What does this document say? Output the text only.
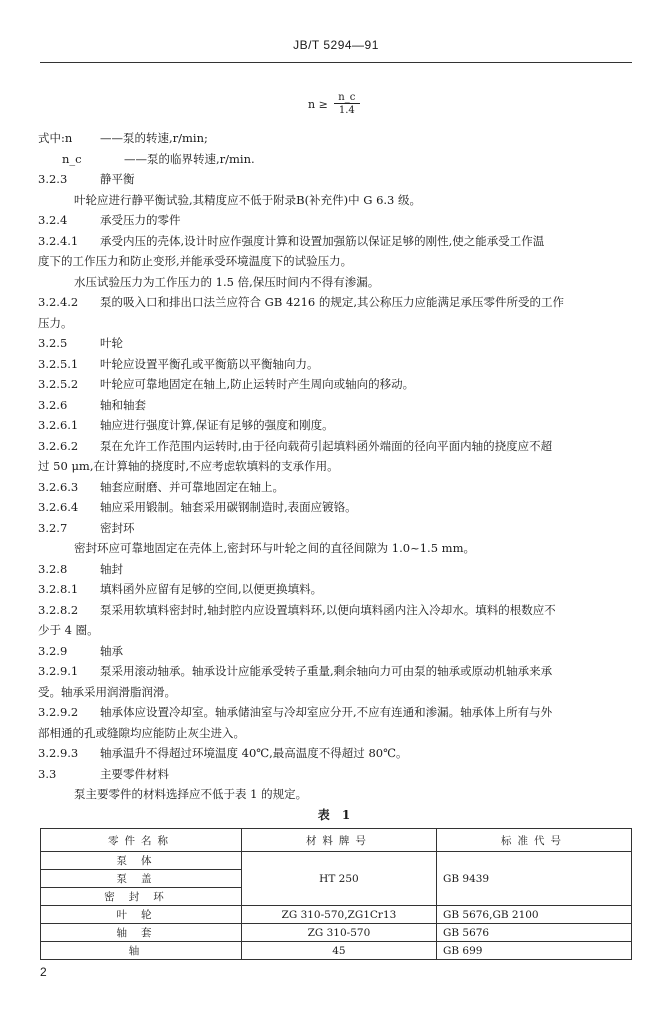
JB/T 5294—91
$n \ge \frac{n\_c}{1.4}$
式中:n ——泵的转速,r/min;
n_c	——泵的临界转速,r/min.
3.2.3	静平衡
叶轮应进行静平衡试验,其精度应不低于附录B(补充件)中 G 6.3 级。
3.2.4	承受压力的零件
3.2.4.1 承受内压的壳体,设计时应作强度计算和设置加强筋以保证足够的刚性,使之能承受工作温
度下的工作压力和防止变形,并能承受环境温度下的试验压力。
水压试验压力为工作压力的 1.5 倍,保压时间内不得有渗漏。
3.2.4.2 泵的吸入口和排出口法兰应符合 GB 4216 的规定,其公称压力应能满足承压零件所受的工作
压力。
3.2.5	叶轮
3.2.5.1 叶轮应设置平衡孔或平衡筋以平衡轴向力。
3.2.5.2 叶轮应可靠地固定在轴上,防止运转时产生周向或轴向的移动。
3.2.6	轴和轴套
3.2.6.1 轴应进行强度计算,保证有足够的强度和刚度。
3.2.6.2 泵在允许工作范围内运转时,由于径向载荷引起填料函外端面的径向平面内轴的挠度应不超
过 50 μm,在计算轴的挠度时,不应考虑软填料的支承作用。
3.2.6.3 轴套应耐磨、并可靠地固定在轴上。
3.2.6.4 轴应采用锻制。轴套采用碳钢制造时,表面应镀铬。
3.2.7	密封环
密封环应可靠地固定在壳体上,密封环与叶轮之间的直径间隙为 1.0~1.5 mm。
3.2.8	轴封
3.2.8.1 填料函外应留有足够的空间,以便更换填料。
3.2.8.2 泵采用软填料密封时,轴封腔内应设置填料环,以便向填料函内注入冷却水。填料的根数应不
少于 4 圈。
3.2.9	轴承
3.2.9.1 泵采用滚动轴承。轴承设计应能承受转子重量,剩余轴向力可由泵的轴承或原动机轴承来承
受。轴承采用润滑脂润滑。
3.2.9.2 轴承体应设置冷却室。轴承储油室与冷却室应分开,不应有连通和渗漏。轴承体上所有与外
部相通的孔或缝隙均应能防止灰尘进入。
3.2.9.3 轴承温升不得超过环境温度 40℃,最高温度不得超过 80℃。
3.3	主要零件材料
泵主要零件的材料选择应不低于表 1 的规定。
表 1
零件名称	材料牌号	标准代号
泵体	HT 250	GB 9439
泵盖		
密封环		
叶轮	ZG 310-570,ZG1Cr13	GB 5676,GB 2100
轴套	ZG 310-570	GB 5676
轴	45	GB 699
2
